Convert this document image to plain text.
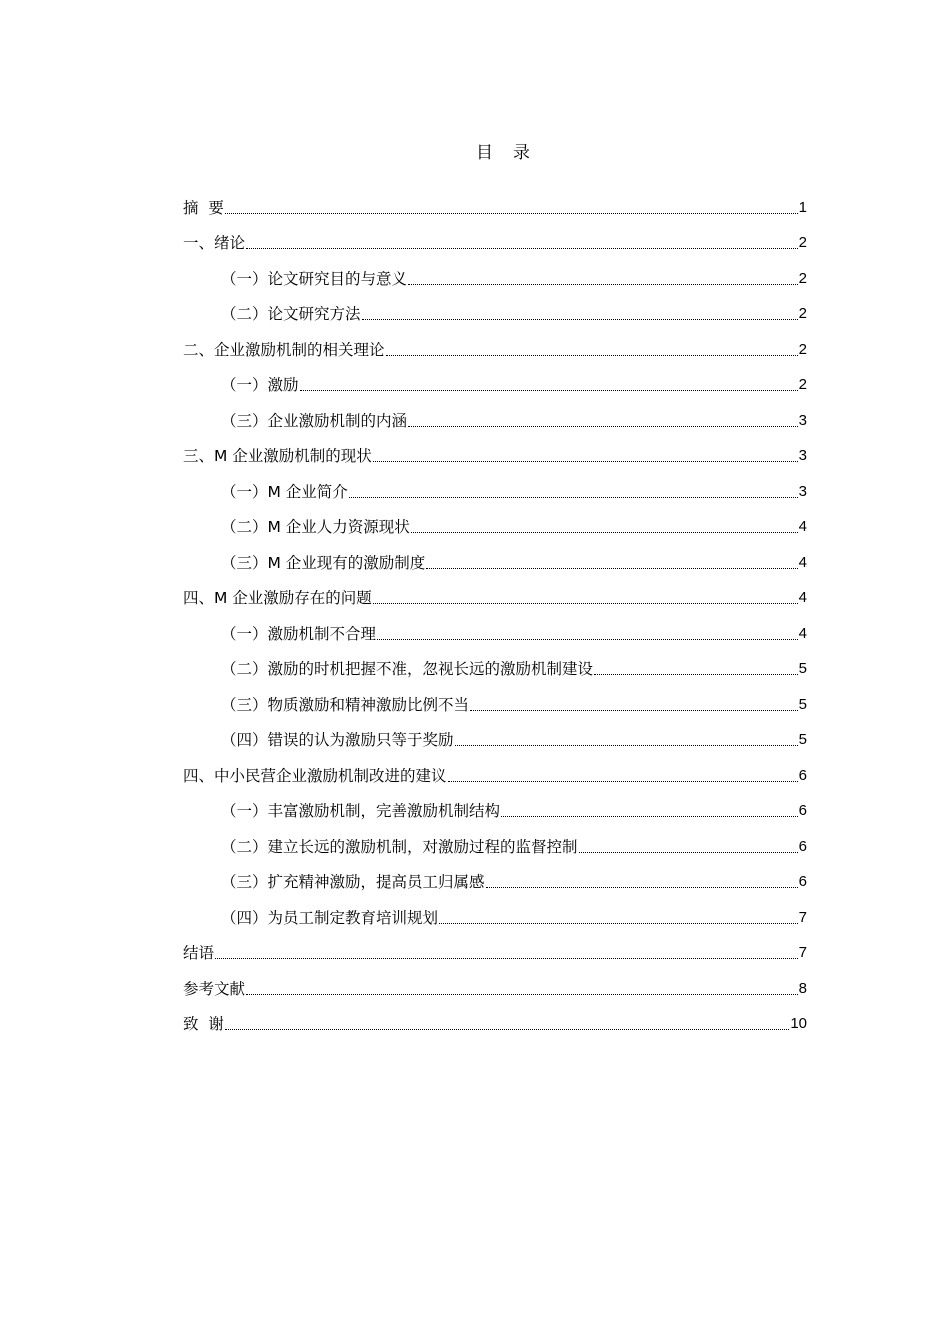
目 录
摘  要	1
一、绪论	2
（一）论文研究目的与意义	2
（二）论文研究方法	2
二、企业激励机制的相关理论	2
（一）激励	2
（三）企业激励机制的内涵	3
三、M 企业激励机制的现状	3
（一）M 企业简介	3
（二）M 企业人力资源现状	4
（三）M 企业现有的激励制度	4
四、M 企业激励存在的问题	4
（一）激励机制不合理	4
（二）激励的时机把握不准，忽视长远的激励机制建设	5
（三）物质激励和精神激励比例不当	5
（四）错误的认为激励只等于奖励	5
四、中小民营企业激励机制改进的建议	6
（一）丰富激励机制，完善激励机制结构	6
（二）建立长远的激励机制，对激励过程的监督控制	6
（三）扩充精神激励，提高员工归属感	6
（四）为员工制定教育培训规划	7
结语	7
参考文献	8
致  谢	10
